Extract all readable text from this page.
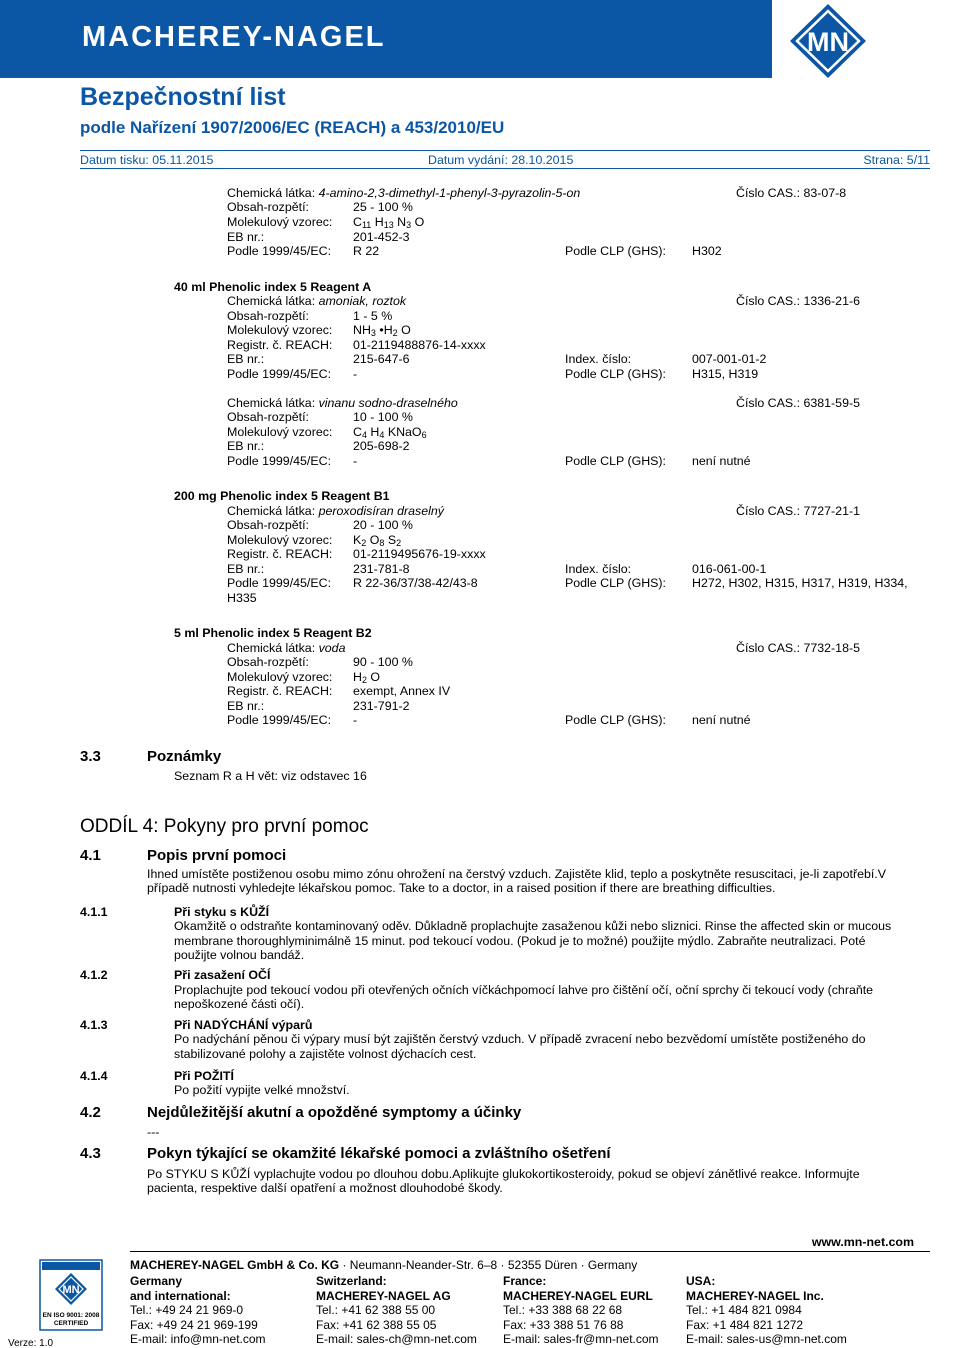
MACHEREY-NAGEL	MN
Bezpečnostní list
podle Nařízení 1907/2006/EC (REACH) a 453/2010/EU
Datum tisku: 05.11.2015	Datum vydání: 28.10.2015	Strana: 5/11
Chemická látka: 4-amino-2,3-dimethyl-1-phenyl-3-pyrazolin-5-on	Číslo CAS.: 83-07-8
Obsah-rozpětí:	25 - 100 %
Molekulový vzorec: $C_{11}$ $H_{13}$ $N_3$ O
EB nr.:	201-452-3
Podle 1999/45/EC: R 22	Podle CLP (GHS): H302
40 ml Phenolic index 5 Reagent A
Chemická látka: amoniak, roztok	Číslo CAS.: 1336-21-6
Obsah-rozpětí:	1 - 5 %
Molekulový vzorec: $NH_3$ $•H_2$ O
Registr. č. REACH: 01-2119488876-14-xxxx
EB nr.:	215-647-6	Index. číslo:	007-001-01-2
Podle 1999/45/EC: -	Podle CLP (GHS): H315, H319
Chemická látka: vinanu sodno-draselného	Číslo CAS.: 6381-59-5
Obsah-rozpětí:	10 - 100 %
Molekulový vzorec: $C_4$ $H_4$ KNaO$_6$
EB nr.:	205-698-2
Podle 1999/45/EC: -	Podle CLP (GHS): není nutné
200 mg Phenolic index 5 Reagent B1
Chemická látka: peroxodisíran draselný	Číslo CAS.: 7727-21-1
Obsah-rozpětí:	20 - 100 %
Molekulový vzorec: $K_2$ $O_8$ $S_2$
Registr. č. REACH: 01-2119495676-19-xxxx
EB nr.:	231-781-8	Index. číslo:	016-061-00-1
Podle 1999/45/EC: R 22-36/37/38-42/43-8	Podle CLP (GHS): H272, H302, H315, H317, H319, H334,
H335
5 ml Phenolic index 5 Reagent B2
Chemická látka: voda	Číslo CAS.: 7732-18-5
Obsah-rozpětí:	90 - 100 %
Molekulový vzorec: $H_2$ O
Registr. č. REACH: exempt, Annex IV
EB nr.:	231-791-2
Podle 1999/45/EC: -	Podle CLP (GHS): není nutné
3.3	Poznámky
Seznam R a H vět: viz odstavec 16
ODDÍL 4: Pokyny pro první pomoc
4.1	Popis první pomoci
Ihned umístěte postiženou osobu mimo zónu ohrožení na čerstvý vzduch. Zajistěte klid, teplo a poskytněte resuscitaci, je-li zapotřebí.V
případě nutnosti vyhledejte lékařskou pomoc. Take to a doctor, in a raised position if there are breathing difficulties.
4.1.1	Při styku s KŮŽÍ
Okamžitě o odstraňte kontaminovaný oděv. Důkladně proplachujte zasaženou kůži nebo sliznici. Rinse the affected skin or mucous
membrane thoroughlyminimálně 15 minut. pod tekoucí vodou. (Pokud je to možné) použijte mýdlo. Zabraňte neutralizaci. Poté
použijte volnou bandáž.
4.1.2	Při zasažení OČÍ
Proplachujte pod tekoucí vodou při otevřených očních víčkáchpomocí lahve pro čištění očí, oční sprchy či tekoucí vody (chraňte
nepoškozené části očí).
4.1.3	Při NADÝCHÁNÍ výparů
Po nadýchání pěnou či výpary musí být zajištěn čerstvý vzduch. V případě zvracení nebo bezvědomí umístěte postiženého do
stabilizované polohy a zajistěte volnost dýchacích cest.
4.1.4	Při POŽITÍ
Po požití vypijte velké množství.
4.2	Nejdůležitější akutní a opožděné symptomy a účinky
---
4.3	Pokyn týkající se okamžité lékařské pomoci a zvláštního ošetření
Po STYKU S KŮŽÍ vyplachujte vodou po dlouhou dobu.Aplikujte glukokortikosteroidy, pokud se objeví zánětlivé reakce. Informujte
pacienta, respektive další opatření a možnost dlouhodobé škody.
www.mn-net.com
MACHEREY-NAGEL GmbH & Co. KG · Neumann-Neander-Str. 6–8 · 52355 Düren · Germany
MN
EN ISO 9001: 2008
CERTIFIED
Verze: 1.0
Germany
and international:
Tel.: +49 24 21 969-0
Fax: +49 24 21 969-199
E-mail: info@mn-net.com
Switzerland:
MACHEREY-NAGEL AG
Tel.: +41 62 388 55 00
Fax: +41 62 388 55 05
E-mail: sales-ch@mn-net.com
France:
MACHEREY-NAGEL EURL
Tel.: +33 388 68 22 68
Fax: +33 388 51 76 88
E-mail: sales-fr@mn-net.com
USA:
MACHEREY-NAGEL Inc.
Tel.: +1 484 821 0984
Fax: +1 484 821 1272
E-mail: sales-us@mn-net.com
